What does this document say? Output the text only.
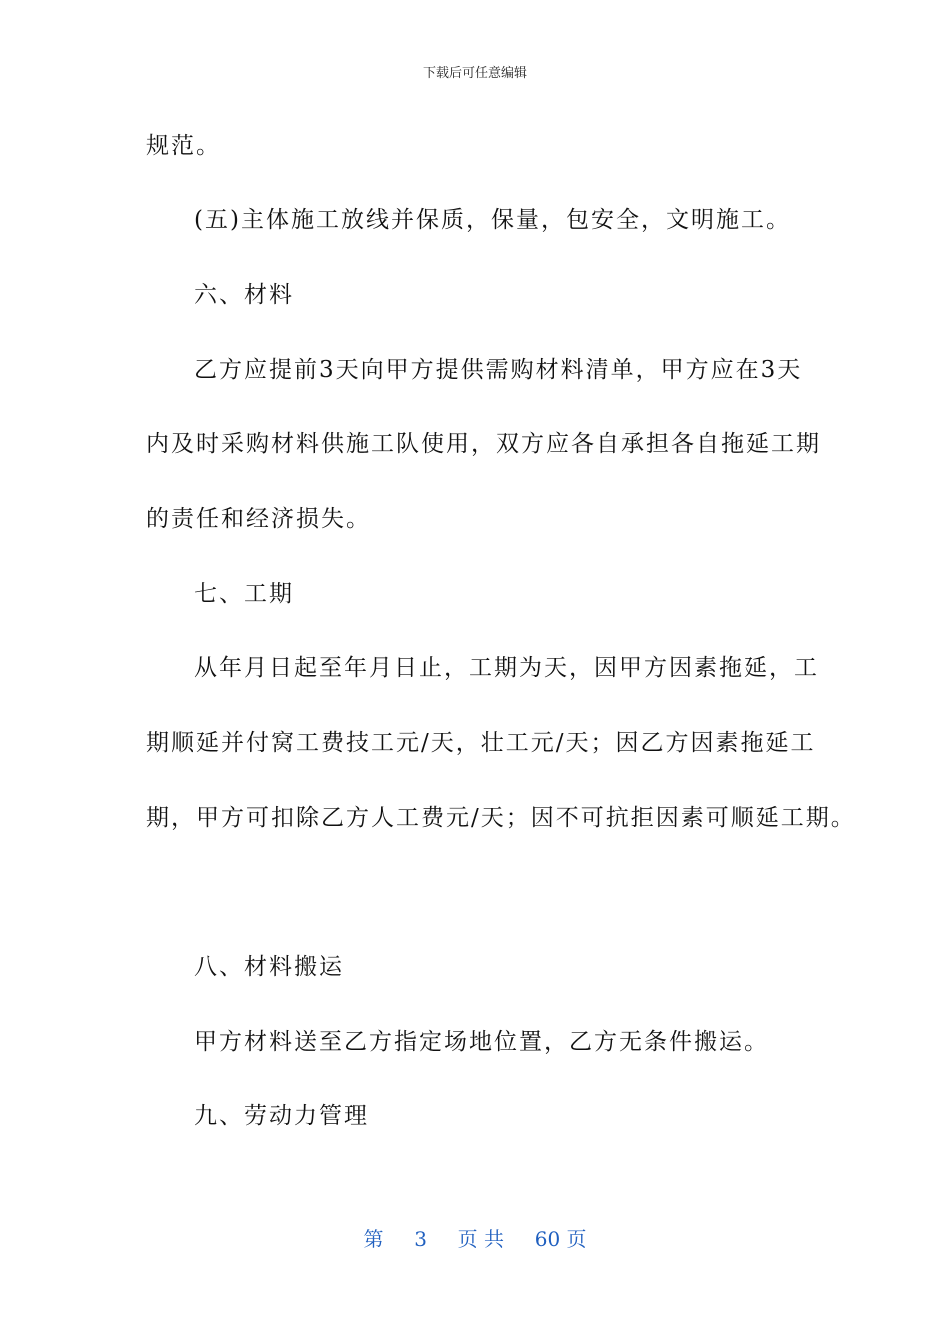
下载后可任意编辑
规范。
(五)主体施工放线并保质，保量，包安全，文明施工。
六、材料
乙方应提前3天向甲方提供需购材料清单，甲方应在3天
内及时采购材料供施工队使用，双方应各自承担各自拖延工期
的责任和经济损失。
七、工期
从年月日起至年月日止，工期为天，因甲方因素拖延，工
期顺延并付窝工费技工元/天，壮工元/天；因乙方因素拖延工
期，甲方可扣除乙方人工费元/天；因不可抗拒因素可顺延工期。
八、材料搬运
甲方材料送至乙方指定场地位置，乙方无条件搬运。
九、劳动力管理
第 3 页 共 60 页
